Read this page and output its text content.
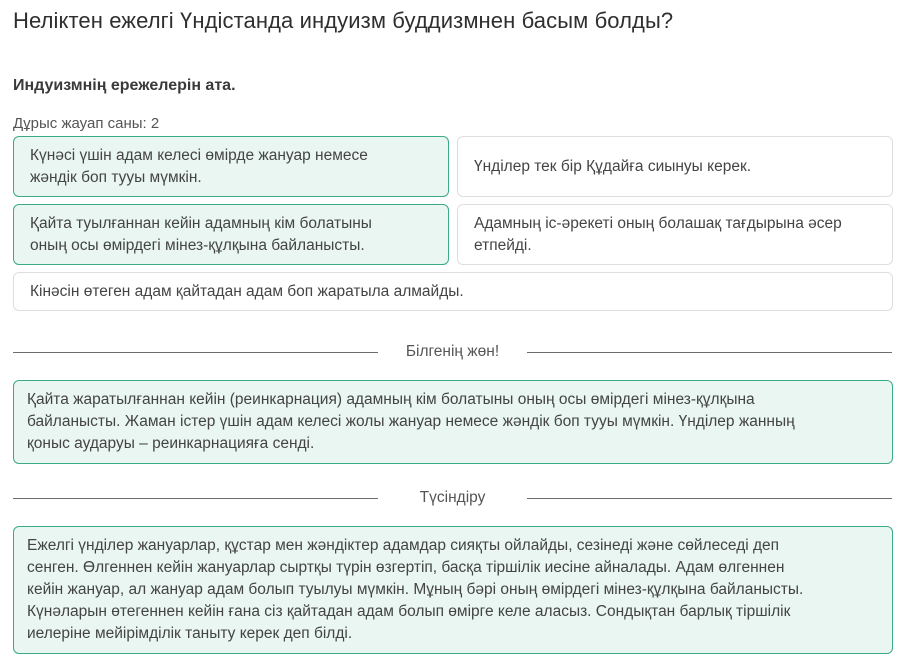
Неліктен ежелгі Үндістанда индуизм буддизмнен басым болды?
Индуизмнің ережелерін ата.
Дұрыс жауап саны: 2
Күнәсі үшін адам келесі өмірде жануар немесе
жәндік боп тууы мүмкін.
Үнділер тек бір Құдайға сиынуы керек.
Қайта туылғаннан кейін адамның кім болатыны
оның осы өмірдегі мінез-құлқына байланысты.
Адамның іс-әрекеті оның болашақ тағдырына әсер
етпейді.
Кінәсін өтеген адам қайтадан адам боп жаратыла алмайды.
Білгенің жөн!
Қайта жаратылғаннан кейін (реинкарнация) адамның кім болатыны оның осы өмірдегі мінез-құлқына
байланысты. Жаман істер үшін адам келесі жолы жануар немесе жәндік боп тууы мүмкін. Үнділер жанның
қоныс аударуы – реинкарнацияға сенді.
Түсіндіру
Ежелгі үнділер жануарлар, құстар мен жәндіктер адамдар сияқты ойлайды, сезінеді және сөйлеседі деп
сенген. Өлгеннен кейін жануарлар сыртқы түрін өзгертіп, басқа тіршілік иесіне айналады. Адам өлгеннен
кейін жануар, ал жануар адам болып туылуы мүмкін. Мұның бәрі оның өмірдегі мінез-құлқына байланысты.
Күнәларын өтегеннен кейін ғана сіз қайтадан адам болып өмірге келе аласыз. Сондықтан барлық тіршілік
иелеріне мейірімділік таныту керек деп білді.
